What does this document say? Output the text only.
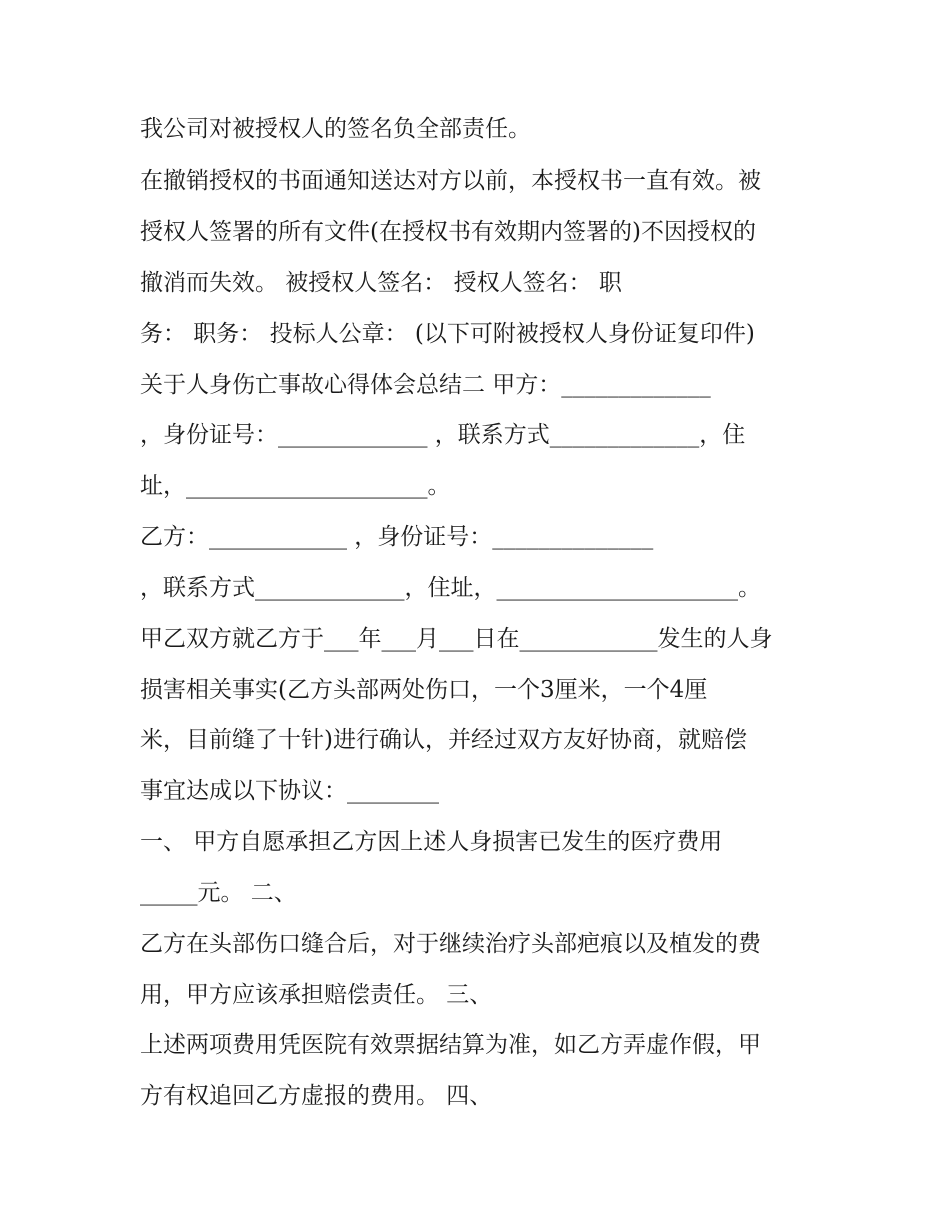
我公司对被授权人的签名负全部责任。
在撤销授权的书面通知送达对方以前，本授权书一直有效。被
授权人签署的所有文件(在授权书有效期内签署的)不因授权的
撤消而失效。 被授权人签名： 授权人签名： 职
务： 职务： 投标人公章： (以下可附被授权人身份证复印件)
关于人身伤亡事故心得体会总结二 甲方：_____________
，身份证号：_____________ ，联系方式_____________，住
址，_____________________。
乙方：____________ ，身份证号：______________
，联系方式_____________，住址，_____________________。
甲乙双方就乙方于___年___月___日在____________发生的人身
损害相关事实(乙方头部两处伤口，一个3厘米，一个4厘
米，目前缝了十针)进行确认，并经过双方友好协商，就赔偿
事宜达成以下协议：________
一、 甲方自愿承担乙方因上述人身损害已发生的医疗费用
_____元。 二、
乙方在头部伤口缝合后，对于继续治疗头部疤痕以及植发的费
用，甲方应该承担赔偿责任。 三、
上述两项费用凭医院有效票据结算为准，如乙方弄虚作假，甲
方有权追回乙方虚报的费用。 四、
